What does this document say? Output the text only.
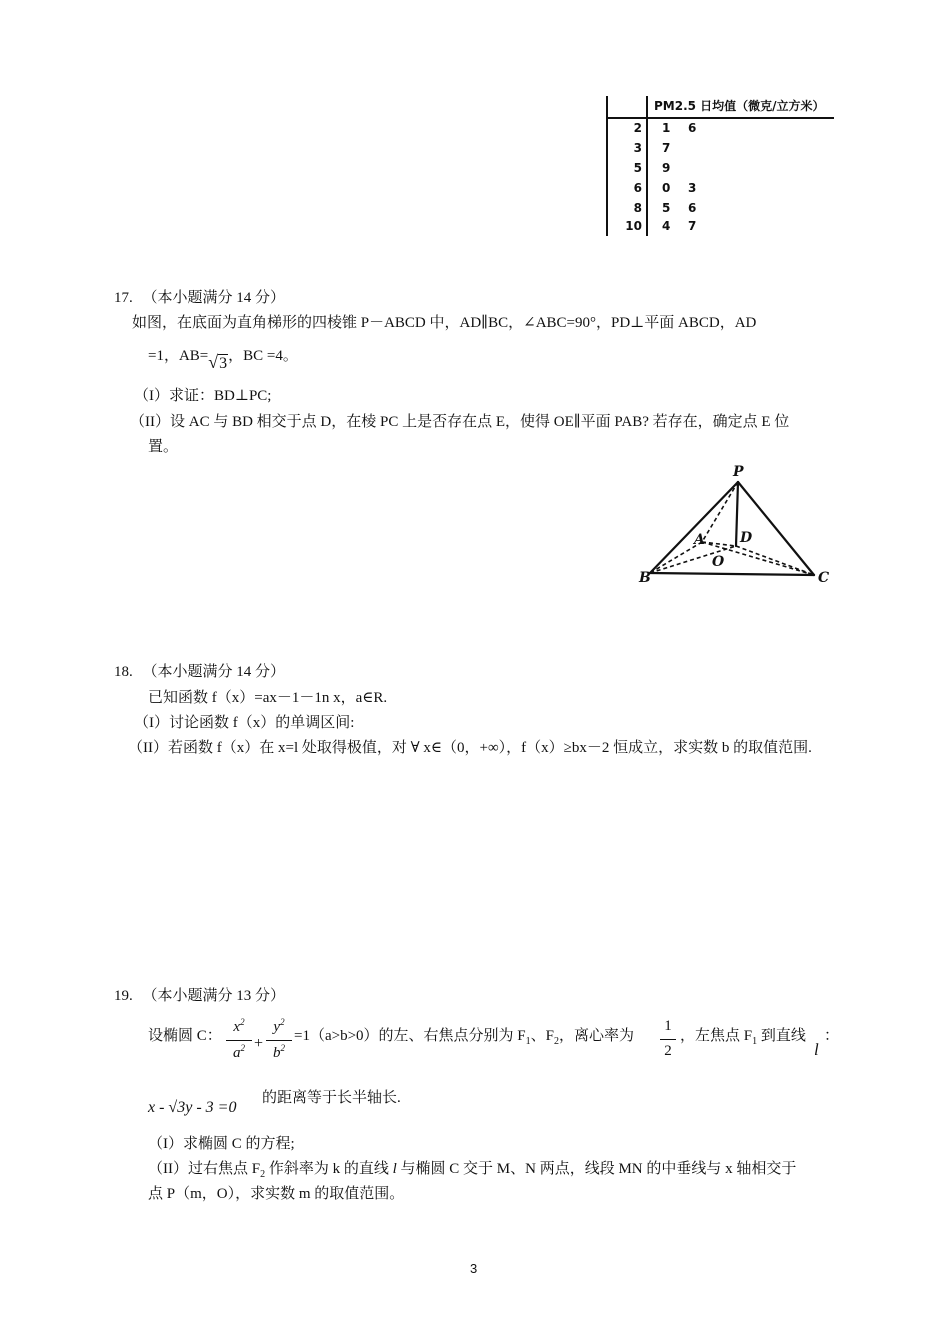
PM2.5 日均值（微克/立方米）
2 1 6
3 7
5 9
6 0 3
8 5 6
10 4 7
17. （本小题满分 14 分）
如图，在底面为直角梯形的四棱锥 P－ABCD 中，AD∥BC，∠ABC=90°，PD⊥平面 ABCD，AD
=1，AB=√3，BC =4。
（I）求证：BD⊥PC;
（II）设 AC 与 BD 相交于点 D，在棱 PC 上是否存在点 E，使得 OE∥平面 PAB? 若存在，确定点 E 位
置。
P
A	D
O
B	C
18. （本小题满分 14 分）
已知函数 f（x）=ax－1－1n x，a∈R.
（I）讨论函数 f（x）的单调区间:
（II）若函数 f（x）在 x=l 处取得极值，对 ∀ x∈（0，+∞），f（x）≥bx－2 恒成立，求实数 b 的取值范围.
19. （本小题满分 13 分）
设椭圆 C：
$x^2$
$a^2$ +
$y^2$
$b^2$
=1（a>b>0）的左、右焦点分别为 $F_1$、$F_2$，离心率为
1
2
，左焦点 $F_1$ 到直线
l
：
x - √3y - 3 =0
的距离等于长半轴长.
（I）求椭圆 C 的方程;
（II）过右焦点 $F_2$ 作斜率为 k 的直线 l 与椭圆 C 交于 M、N 两点，线段 MN 的中垂线与 x 轴相交于
点 P（m，O），求实数 m 的取值范围。
3
